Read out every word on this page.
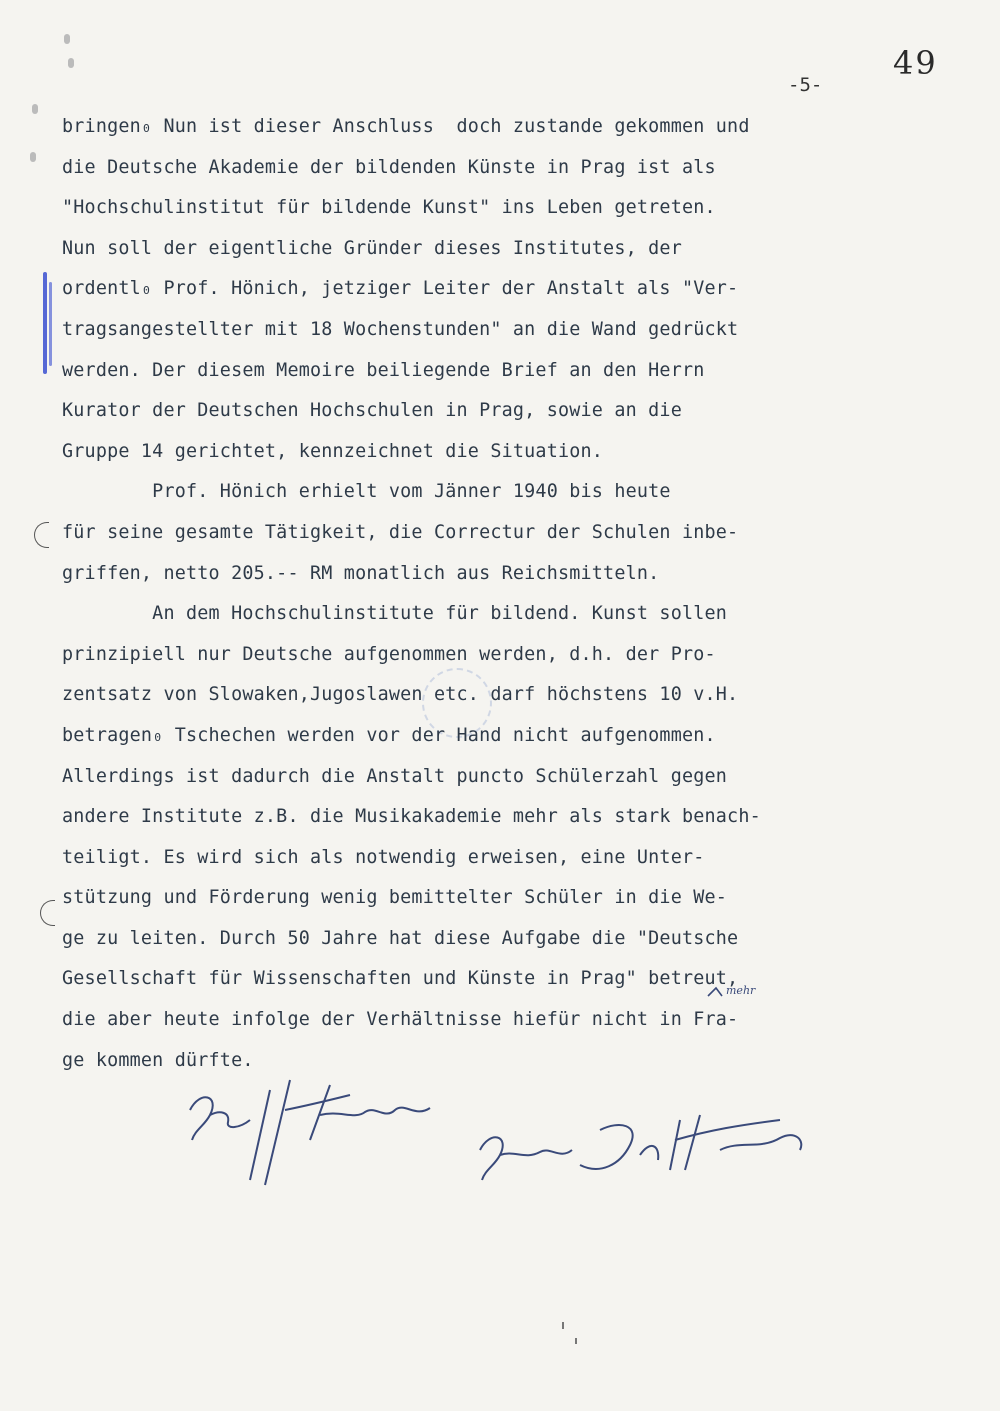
49
-5-
bringen₀ Nun ist dieser Anschluss  doch zustande gekommen und
die Deutsche Akademie der bildenden Künste in Prag ist als
"Hochschulinstitut für bildende Kunst" ins Leben getreten.
Nun soll der eigentliche Gründer dieses Institutes, der
ordentl₀ Prof. Hönich, jetziger Leiter der Anstalt als "Ver-
tragsangestellter mit 18 Wochenstunden" an die Wand gedrückt
werden. Der diesem Memoire beiliegende Brief an den Herrn
Kurator der Deutschen Hochschulen in Prag, sowie an die
Gruppe 14 gerichtet, kennzeichnet die Situation.
Prof. Hönich erhielt vom Jänner 1940 bis heute
für seine gesamte Tätigkeit, die Correctur der Schulen inbe-
griffen, netto 205.-- RM monatlich aus Reichsmitteln.
An dem Hochschulinstitute für bildend. Kunst sollen
prinzipiell nur Deutsche aufgenommen werden, d.h. der Pro-
zentsatz von Slowaken,Jugoslawen etc. darf höchstens 10 v.H.
betragen₀ Tschechen werden vor der Hand nicht aufgenommen.
Allerdings ist dadurch die Anstalt puncto Schülerzahl gegen
andere Institute z.B. die Musikakademie mehr als stark benach-
teiligt. Es wird sich als notwendig erweisen, eine Unter-
stützung und Förderung wenig bemittelter Schüler in die We-
ge zu leiten. Durch 50 Jahre hat diese Aufgabe die "Deutsche
Gesellschaft für Wissenschaften und Künste in Prag" betreut,
die aber heute infolge der Verhältnisse hiefür nicht in Fra-
ge kommen dürfte.
mehr
